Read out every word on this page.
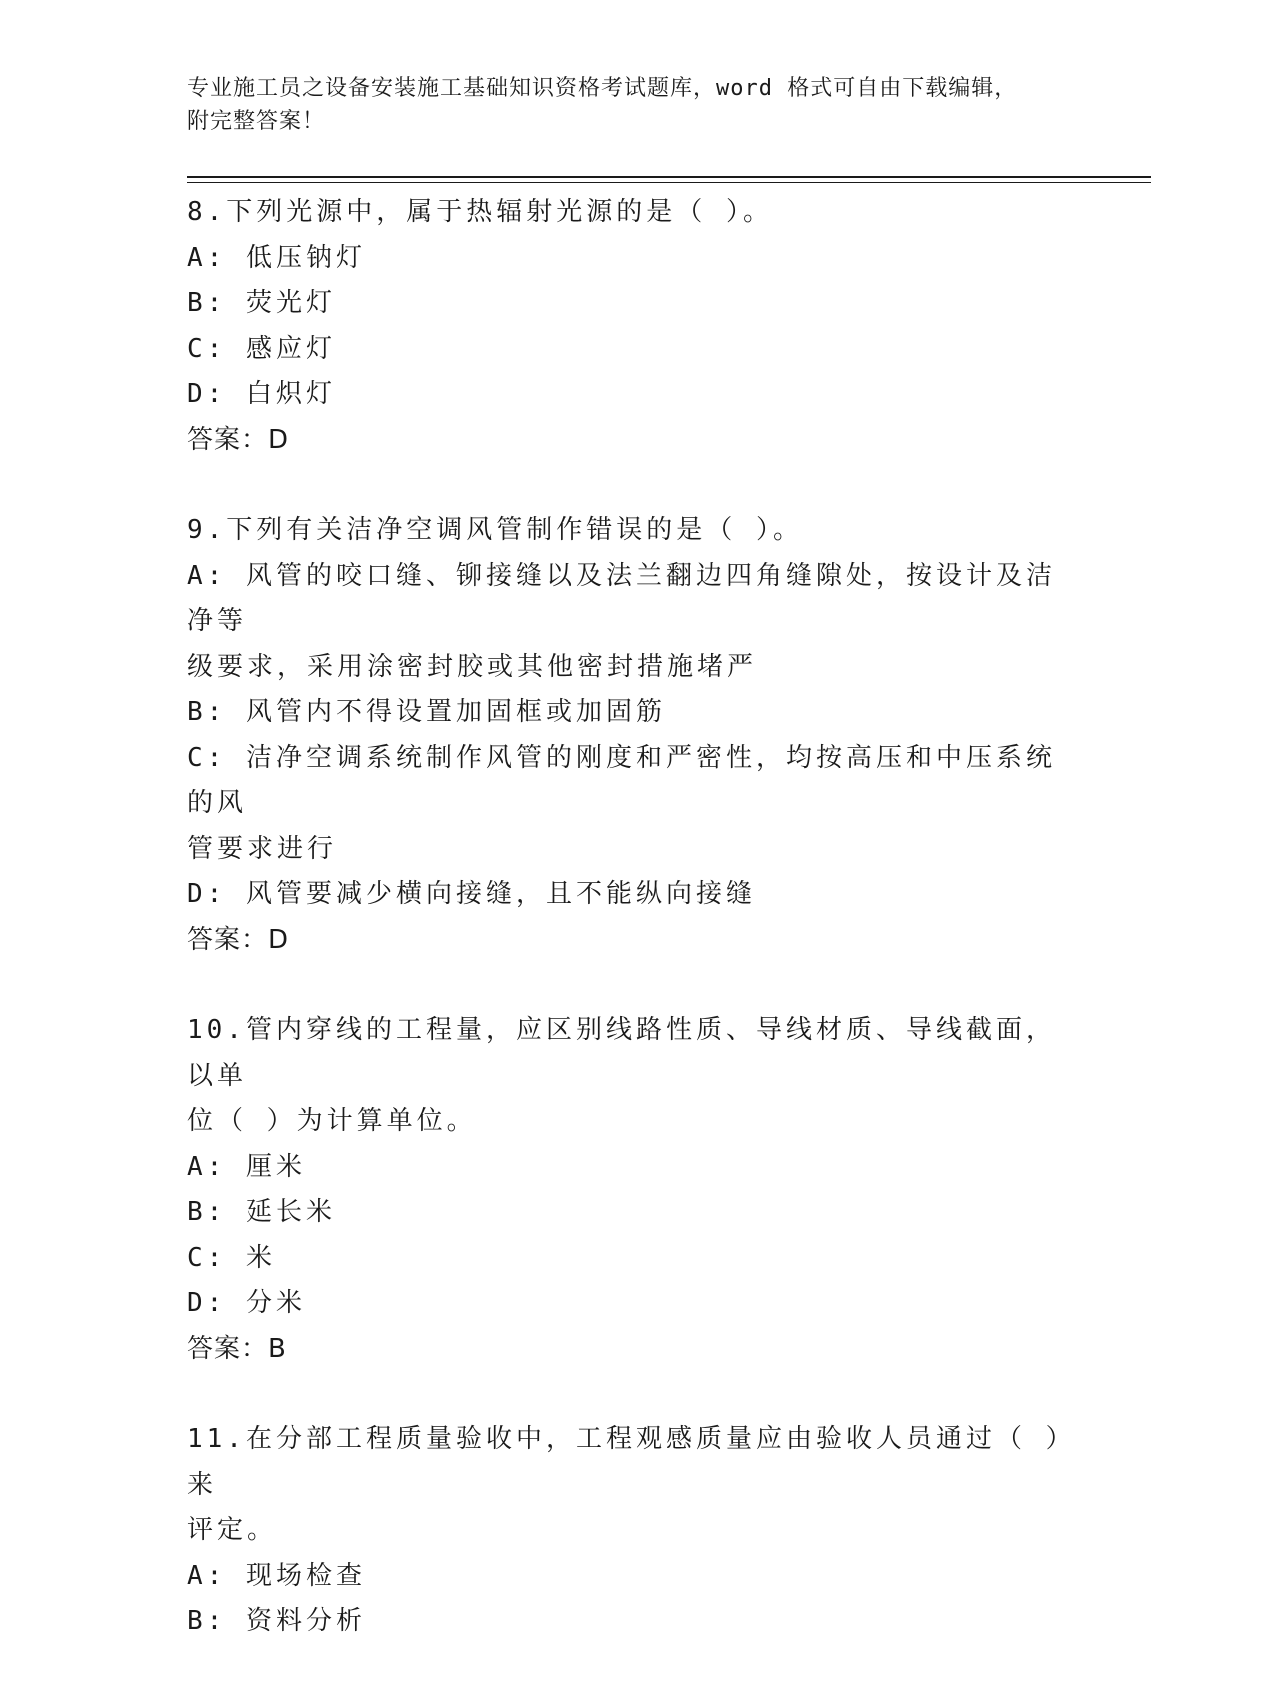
专业施工员之设备安装施工基础知识资格考试题库，word 格式可自由下载编辑，
附完整答案！
8.下列光源中，属于热辐射光源的是（ ）。
A: 低压钠灯
B: 荧光灯
C: 感应灯
D: 白炽灯
答案：D
9.下列有关洁净空调风管制作错误的是（ ）。
A: 风管的咬口缝、铆接缝以及法兰翻边四角缝隙处，按设计及洁净等
级要求，采用涂密封胶或其他密封措施堵严
B: 风管内不得设置加固框或加固筋
C: 洁净空调系统制作风管的刚度和严密性，均按高压和中压系统的风
管要求进行
D: 风管要减少横向接缝，且不能纵向接缝
答案：D
10.管内穿线的工程量，应区别线路性质、导线材质、导线截面，以单
位（ ）为计算单位。
A: 厘米
B: 延长米
C: 米
D: 分米
答案：B
11.在分部工程质量验收中，工程观感质量应由验收人员通过（ ）来
评定。
A: 现场检查
B: 资料分析
